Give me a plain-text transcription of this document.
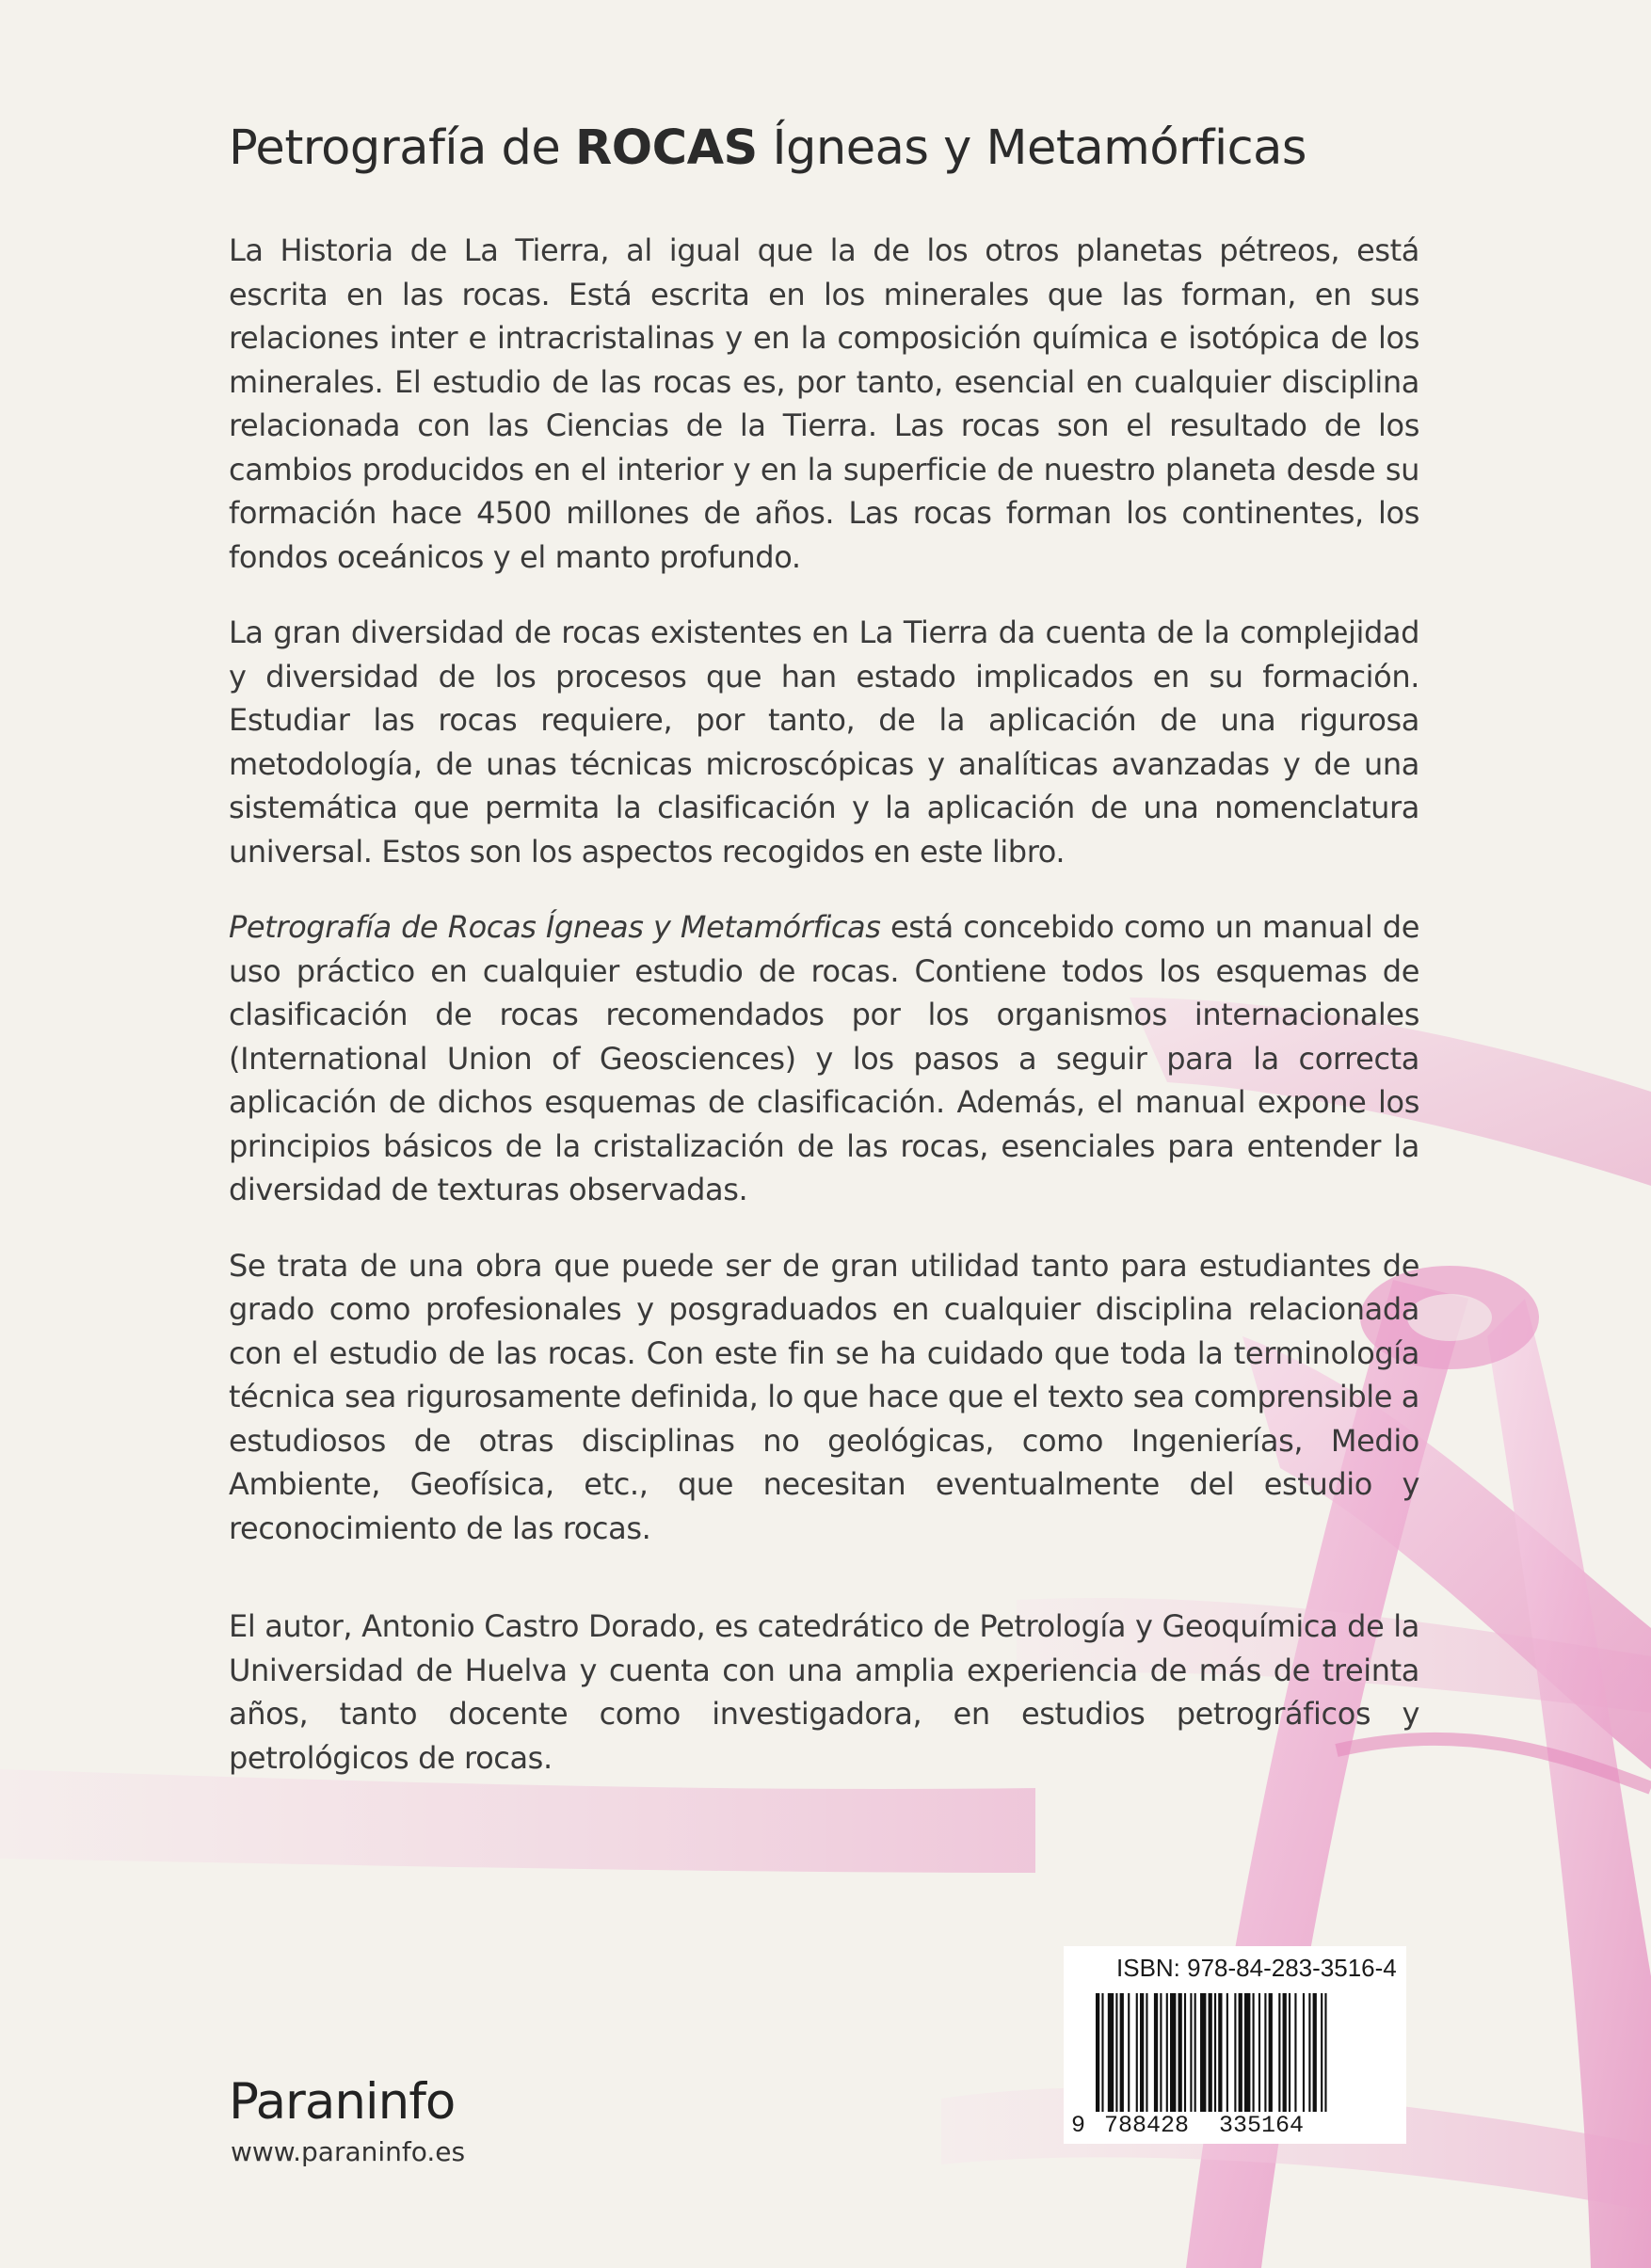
Petrografía de ROCAS Ígneas y Metamórficas

La Historia de La Tierra, al igual que la de los otros planetas pétreos, está escrita en las rocas. Está escrita en los minerales que las forman, en sus relaciones inter e intracristalinas y en la composición química e isotópica de los minerales. El estudio de las rocas es, por tanto, esencial en cualquier disciplina relacionada con las Ciencias de la Tierra. Las rocas son el resultado de los cambios producidos en el interior y en la superficie de nuestro planeta desde su formación hace 4500 millones de años. Las rocas forman los continentes, los fondos oceánicos y el manto profundo.

La gran diversidad de rocas existentes en La Tierra da cuenta de la complejidad y diversidad de los procesos que han estado implicados en su formación. Estudiar las rocas requiere, por tanto, de la aplicación de una rigurosa metodología, de unas técnicas microscópicas y analíticas avanzadas y de una sistemática que permita la clasificación y la aplicación de una nomenclatura universal. Estos son los aspectos recogidos en este libro.

Petrografía de Rocas Ígneas y Metamórficas está concebido como un manual de uso práctico en cualquier estudio de rocas. Contiene todos los esquemas de clasificación de rocas recomendados por los organismos internacionales (International Union of Geosciences) y los pasos a seguir para la correcta aplicación de dichos esquemas de clasificación. Además, el manual expone los principios básicos de la cristalización de las rocas, esenciales para entender la diversidad de texturas observadas.

Se trata de una obra que puede ser de gran utilidad tanto para estudiantes de grado como profesionales y posgraduados en cualquier disciplina relacionada con el estudio de las rocas. Con este fin se ha cuidado que toda la terminología técnica sea rigurosamente definida, lo que hace que el texto sea comprensible a estudiosos de otras disciplinas no geológicas, como Ingenierías, Medio Ambiente, Geofísica, etc., que necesitan eventualmente del estudio y reconocimiento de las rocas.

El autor, Antonio Castro Dorado, es catedrático de Petrología y Geoquímica de la Universidad de Huelva y cuenta con una amplia experiencia de más de treinta años, tanto docente como investigadora, en estudios petrográficos y petrológicos de rocas.

ISBN: 978-84-283-3516-4
9 788428 335164
Paraninfo
www.paraninfo.es
